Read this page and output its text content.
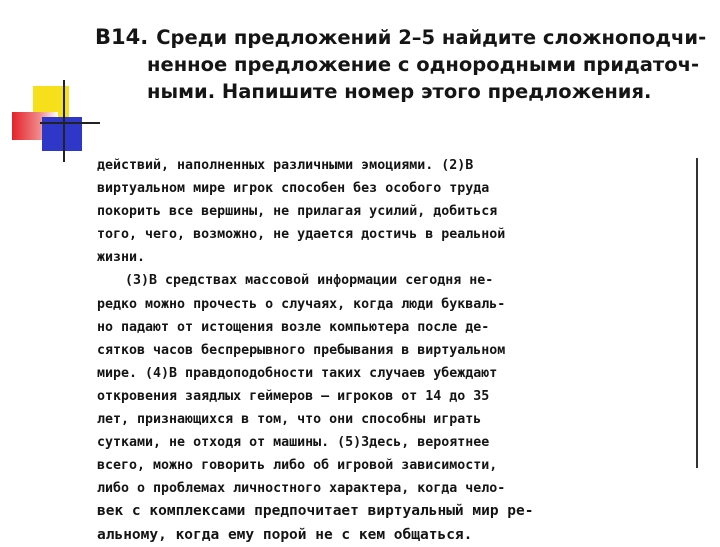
В14. Среди предложений 2–5 найдите сложноподчи-
ненное предложение с однородными придаточ-
ными. Напишите номер этого предложения.
действий, наполненных различными эмоциями. (2)В
виртуальном мире игрок способен без особого труда
покорить все вершины, не прилагая усилий, добиться
того, чего, возможно, не удается достичь в реальной
жизни.
(3)В средствах массовой информации сегодня не-
редко можно прочесть о случаях, когда люди букваль-
но падают от истощения возле компьютера после де-
сятков часов беспрерывного пребывания в виртуальном
мире. (4)В правдоподобности таких случаев убеждают
откровения заядлых геймеров — игроков от 14 до 35
лет, признающихся в том, что они способны играть
сутками, не отходя от машины. (5)Здесь, вероятнее
всего, можно говорить либо об игровой зависимости,
либо о проблемах личностного характера, когда чело-
век с комплексами предпочитает виртуальный мир ре-
альному, когда ему порой не с кем общаться.
